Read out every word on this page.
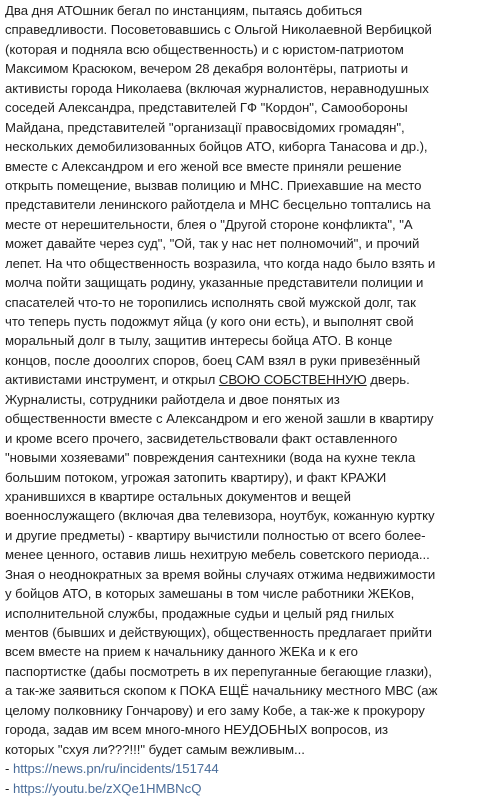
Два дня АТОшник бегал по инстанциям, пытаясь добиться
справедливости. Посоветовавшись с Ольгой Николаевной Вербицкой
(которая и подняла всю общественность) и с юристом-патриотом
Максимом Красюком, вечером 28 декабря волонтёры, патриоты и
активисты города Николаева (включая журналистов, неравнодушных
соседей Александра, представителей ГФ "Кордон", Самообороны
Майдана, представителей "организації правосвідомих громадян",
нескольких демобилизованных бойцов АТО, киборга Танасова и др.),
вместе с Александром и его женой все вместе приняли решение
открыть помещение, вызвав полицию и МНС. Приехавшие на место
представители ленинского райотдела и МНС бесцельно топтались на
месте от нерешительности, блея о "Другой стороне конфликта", "А
может давайте через суд", "Ой, так у нас нет полномочий", и прочий
лепет. На что общественность возразила, что когда надо было взять и
молча пойти защищать родину, указанные представители полиции и
спасателей что-то не торопились исполнять свой мужской долг, так
что теперь пусть подожмут яйца (у кого они есть), и выполнят свой
моральный долг в тылу, защитив интересы бойца АТО. В конце
концов, после дооолгих споров, боец САМ взял в руки привезённый
активистами инструмент, и открыл СВОЮ СОБСТВЕННУЮ дверь.
Журналисты, сотрудники райотдела и двое понятых из
общественности вместе с Александром и его женой зашли в квартиру
и кроме всего прочего, засвидетельствовали факт оставленного
"новыми хозяевами" повреждения сантехники (вода на кухне текла
большим потоком, угрожая затопить квартиру), и факт КРАЖИ
хранившихся в квартире остальных документов и вещей
военнослужащего (включая два телевизора, ноутбук, кожанную куртку
и другие предметы) - квартиру вычистили полностью от всего более-
менее ценного, оставив лишь нехитрую мебель советского периода...
Зная о неоднократных за время войны случаях отжима недвижимости
у бойцов АТО, в которых замешаны в том числе работники ЖЕКов,
исполнительной службы, продажные судьи и целый ряд гнилых
ментов (бывших и действующих), общественность предлагает прийти
всем вместе на прием к начальнику данного ЖЕКа и к его
паспортистке (дабы посмотреть в их перепуганные бегающие глазки),
а так-же заявиться скопом к ПОКА ЕЩЁ начальнику местного МВС (аж
целому полковнику Гончарову) и его заму Кобе, а так-же к прокурору
города, задав им всем много-много НЕУДОБНЫХ вопросов, из
которых "схуя ли???!!!" будет самым вежливым...
- https://news.pn/ru/incidents/151744
- https://youtu.be/zXQe1HMBNcQ
